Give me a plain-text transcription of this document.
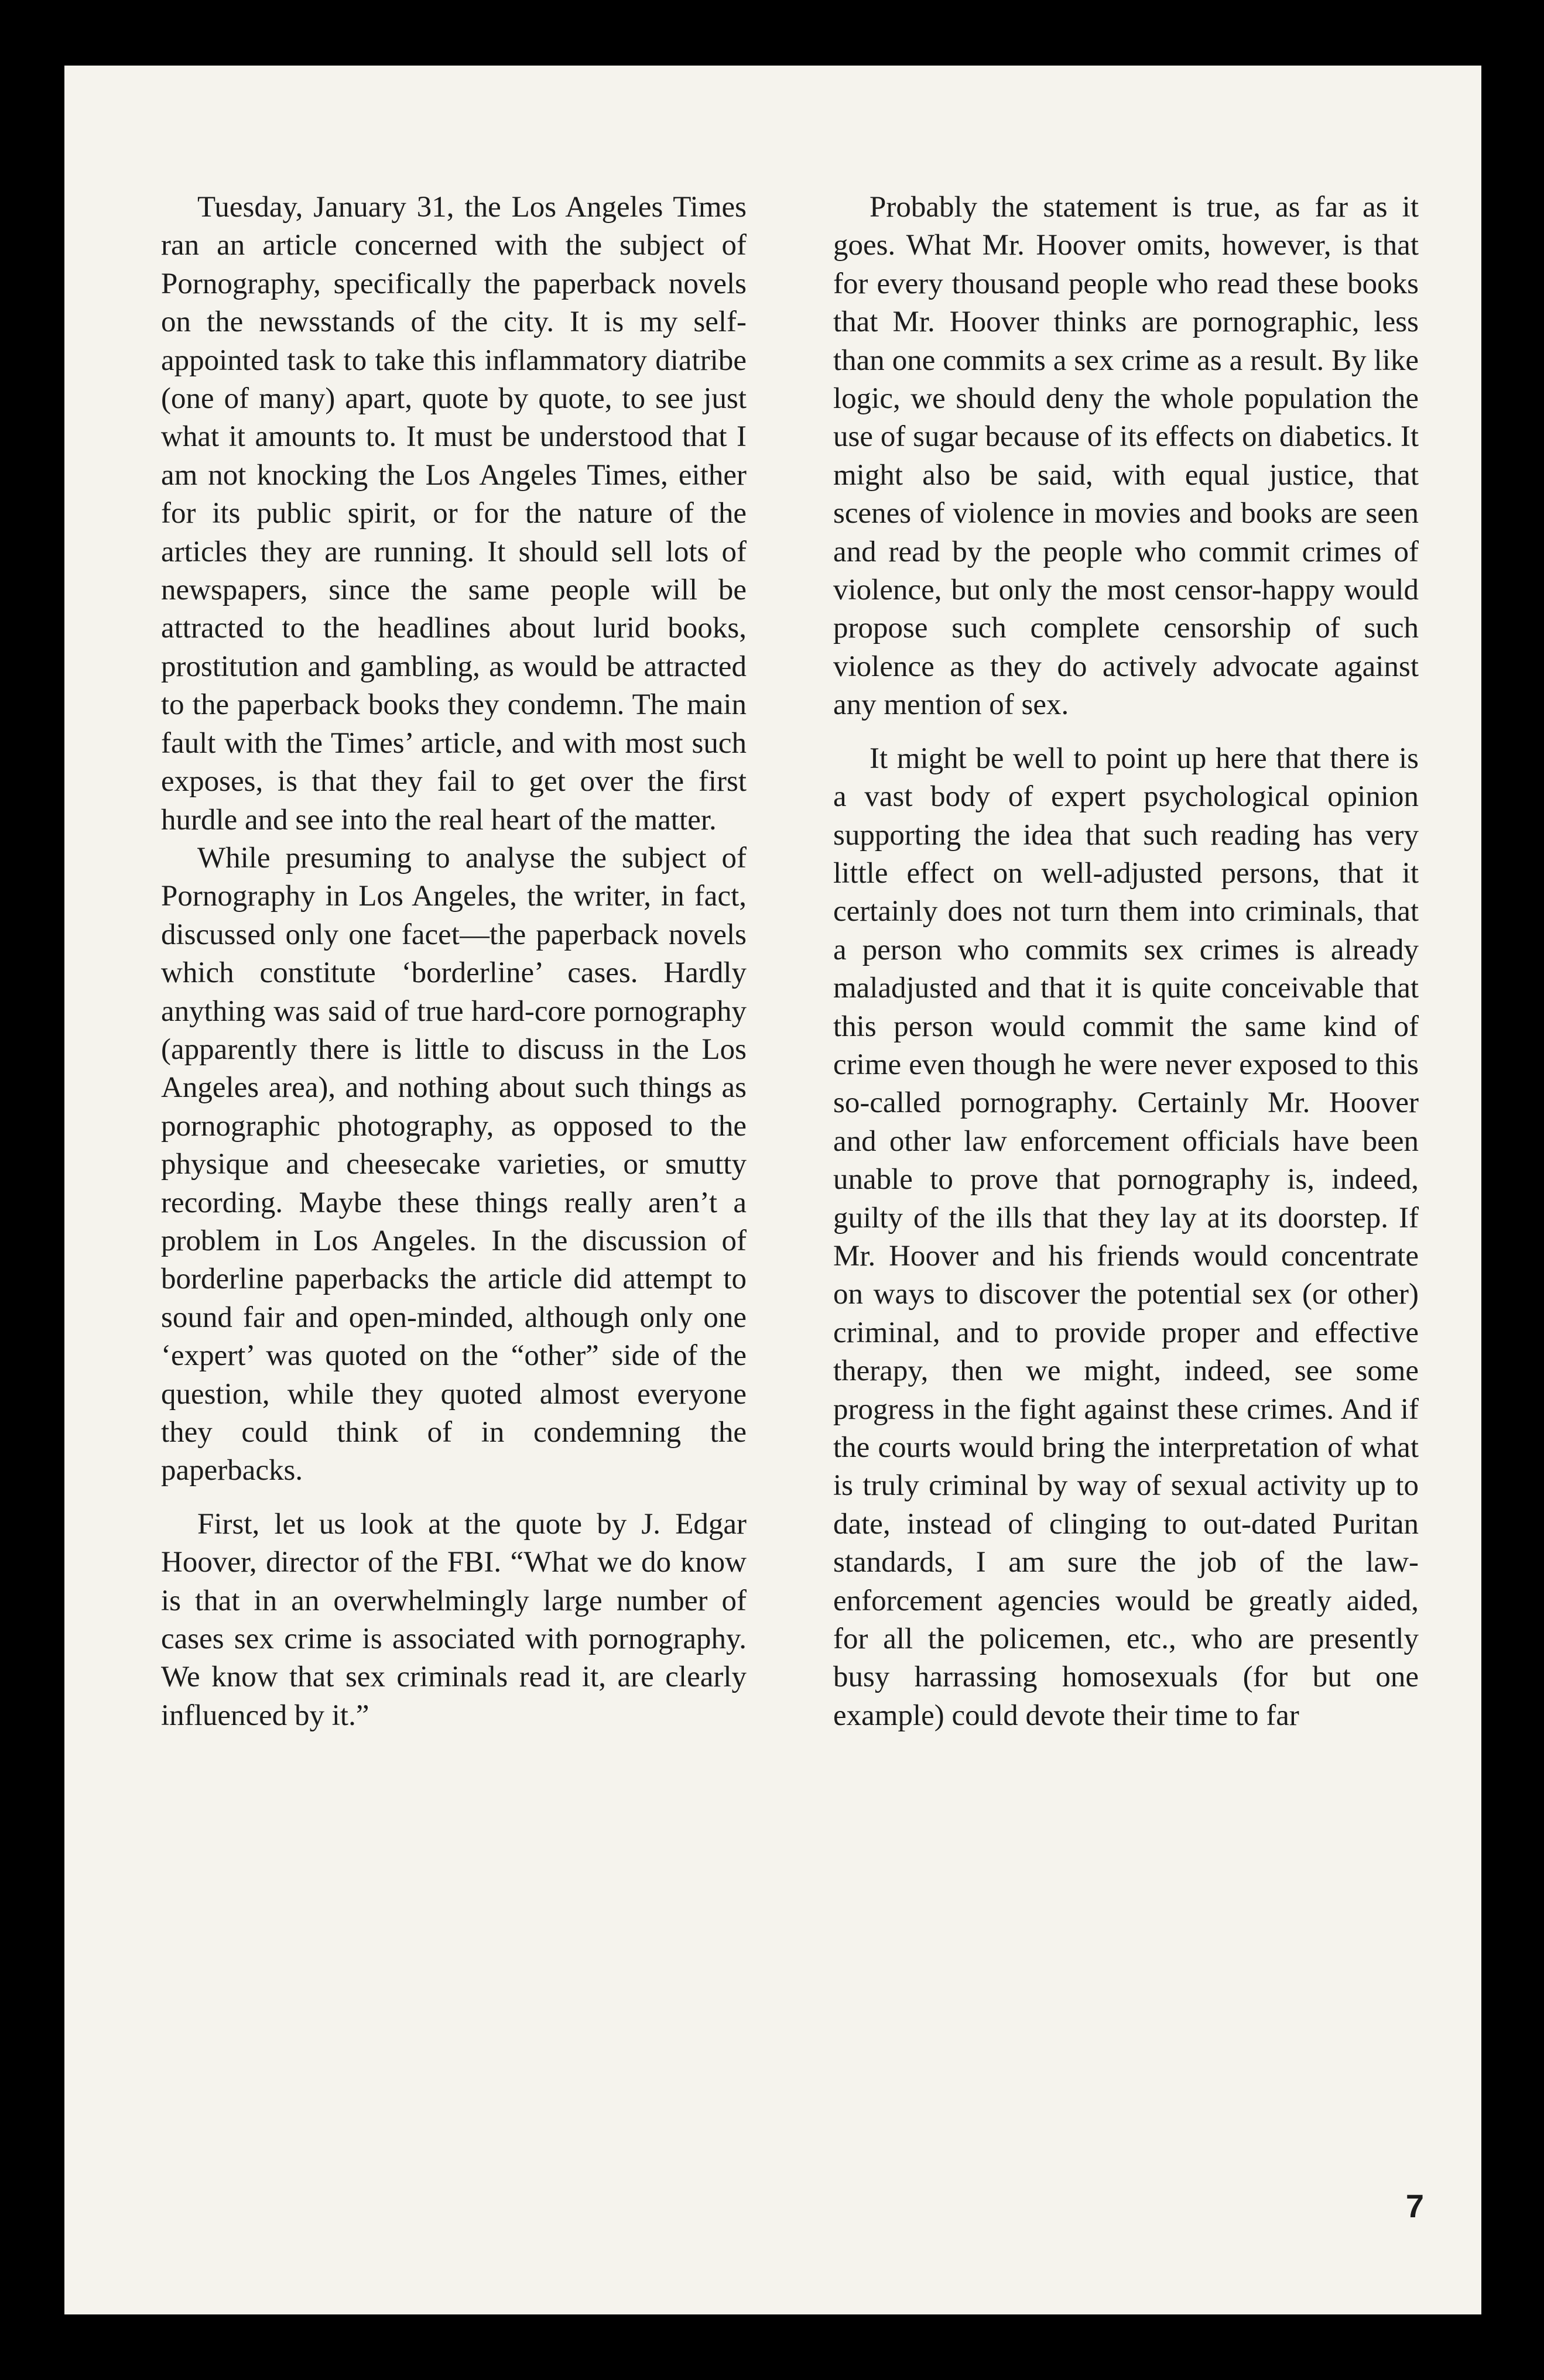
Tuesday, January 31, the Los Angeles Times ran an article concerned with the subject of Pornography, specifically the paperback novels on the newsstands of the city. It is my self-appointed task to take this inflammatory diatribe (one of many) apart, quote by quote, to see just what it amounts to. It must be understood that I am not knocking the Los Angeles Times, either for its public spirit, or for the nature of the articles they are running. It should sell lots of newspapers, since the same people will be attracted to the headlines about lurid books, prostitution and gambling, as would be attracted to the paperback books they condemn. The main fault with the Times’ article, and with most such exposes, is that they fail to get over the first hurdle and see into the real heart of the matter.

While presuming to analyse the subject of Pornography in Los Angeles, the writer, in fact, discussed only one facet—the paperback novels which constitute ‘borderline’ cases. Hardly anything was said of true hard-core pornography (apparently there is little to discuss in the Los Angeles area), and nothing about such things as pornographic photography, as opposed to the physique and cheesecake varieties, or smutty recording. Maybe these things really aren’t a problem in Los Angeles. In the discussion of borderline paperbacks the article did attempt to sound fair and open-minded, although only one ‘expert’ was quoted on the “other” side of the question, while they quoted almost everyone they could think of in condemning the paperbacks.

First, let us look at the quote by J. Edgar Hoover, director of the FBI. “What we do know is that in an overwhelmingly large number of cases sex crime is associated with pornography. We know that sex criminals read it, are clearly influenced by it.”

Probably the statement is true, as far as it goes. What Mr. Hoover omits, however, is that for every thousand people who read these books that Mr. Hoover thinks are pornographic, less than one commits a sex crime as a result. By like logic, we should deny the whole population the use of sugar because of its effects on diabetics. It might also be said, with equal justice, that scenes of violence in movies and books are seen and read by the people who commit crimes of violence, but only the most censor-happy would propose such complete censorship of such violence as they do actively advocate against any mention of sex.

It might be well to point up here that there is a vast body of expert psychological opinion supporting the idea that such reading has very little effect on well-adjusted persons, that it certainly does not turn them into criminals, that a person who commits sex crimes is already maladjusted and that it is quite conceivable that this person would commit the same kind of crime even though he were never exposed to this so-called pornography. Certainly Mr. Hoover and other law enforcement officials have been unable to prove that pornography is, indeed, guilty of the ills that they lay at its doorstep. If Mr. Hoover and his friends would concentrate on ways to discover the potential sex (or other) criminal, and to provide proper and effective therapy, then we might, indeed, see some progress in the fight against these crimes. And if the courts would bring the interpretation of what is truly criminal by way of sexual activity up to date, instead of clinging to out-dated Puritan standards, I am sure the job of the law-enforcement agencies would be greatly aided, for all the policemen, etc., who are presently busy harrassing homosexuals (for but one example) could devote their time to far

7
